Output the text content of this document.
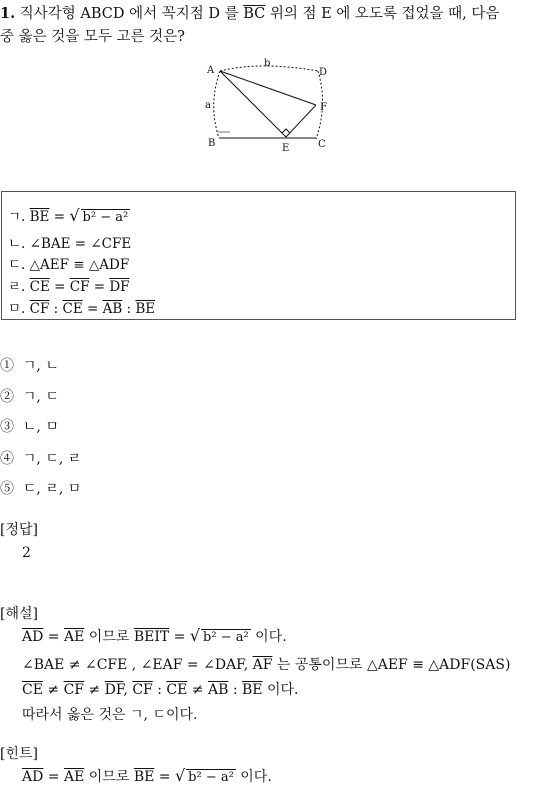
1. 직사각형 ABCD 에서 꼭지점 D 를 $\overline{BC}$ 위의 점 E 에 오도록 접었을 때, 다음
중 옳은 것을 모두 고른 것은?
A
b
D
a	F
B	E	C
ㄱ. $\overline{BE}$ = √ b² − a²
ㄴ. ∠BAE = ∠CFE
ㄷ. △AEF ≡ △ADF
ㄹ. $\overline{CE} = \overline{CF} = \overline{DF}$
ㅁ. $\overline{CF}$ : $\overline{CE} = \overline{AB}$ : $\overline{BE}$
① ㄱ, ㄴ
② ㄱ, ㄷ
③ ㄴ, ㅁ
④ ㄱ, ㄷ, ㄹ
⑤ ㄷ, ㄹ, ㅁ
[정답]
2
[해설]
$\overline{AD} = \overline{AE}$ 이므로 BEIT = √ b² − a² 이다.
∠BAE ≠ ∠CFE , ∠EAF = ∠DAF, $\overline{AF}$ 는 공통이므로 △AEF ≡ △ADF(SAS)
$\overline{CE} \ne \overline{CF} \ne \overline{DF}$, $\overline{CF}$ : $\overline{CE} \ne \overline{AB}$ : $\overline{BE}$ 이다.
따라서 옳은 것은 ㄱ, ㄷ이다.
[힌트]
$\overline{AD} = \overline{AE}$ 이므로 $\overline{BE}$ = √ b² − a² 이다.
